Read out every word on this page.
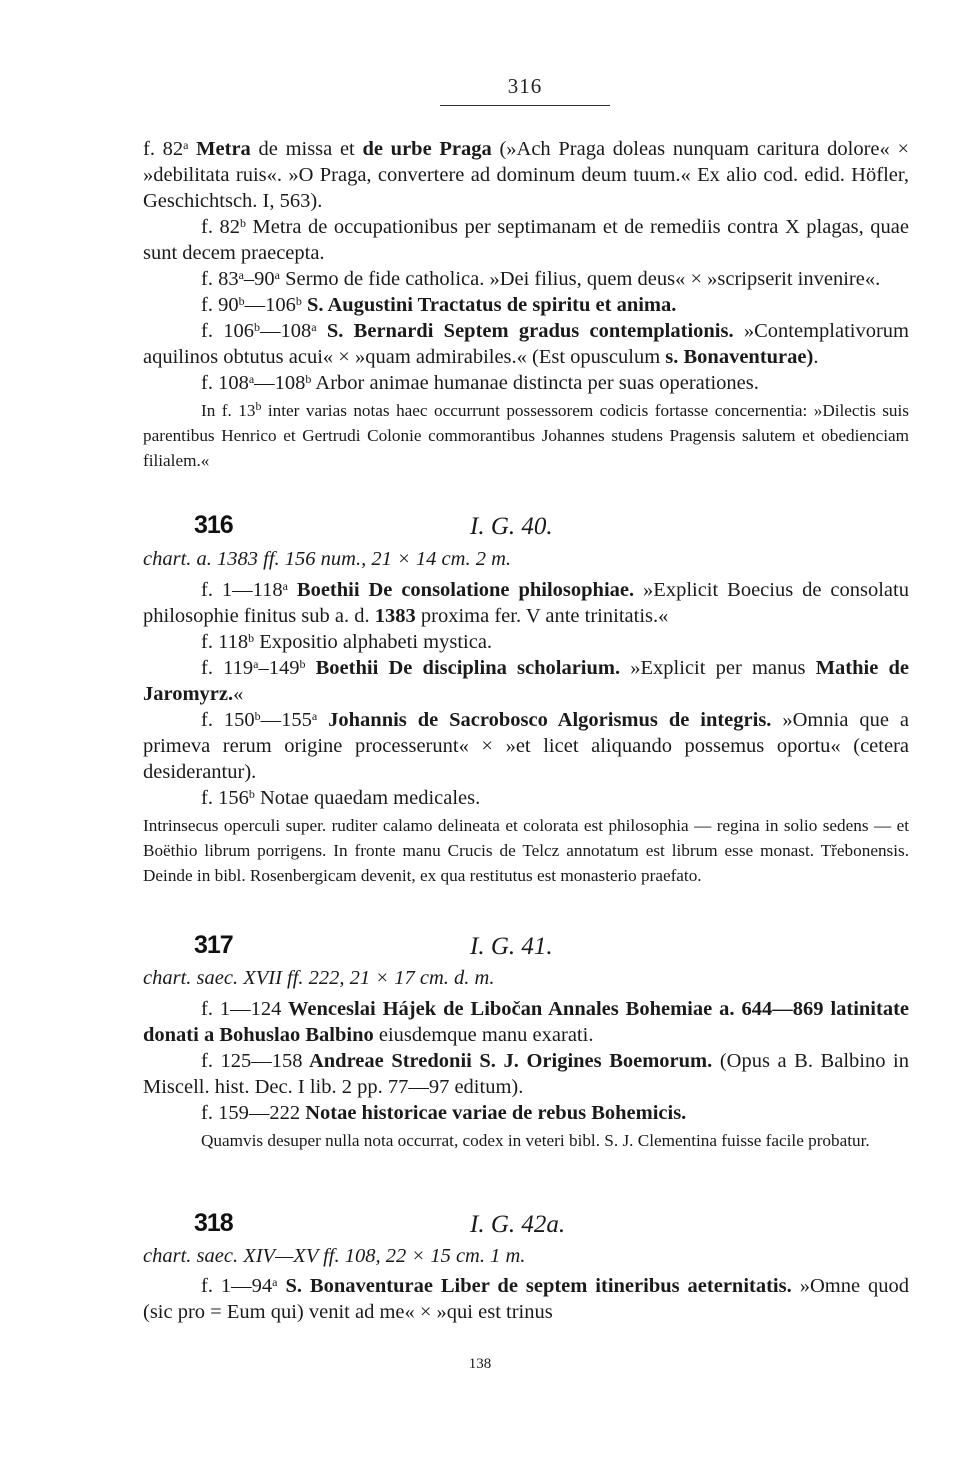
316

f. 82$^a$ Metra de missa et de urbe Praga (»Ach Praga doleas nunquam caritura dolore« × »debilitata ruis«. »O Praga, convertere ad dominum deum tuum.« Ex alio cod. edid. Höfler, Geschichtsch. I, 563).

f. 82$^b$ Metra de occupationibus per septimanam et de remediis contra X plagas, quae sunt decem praecepta.

f. 83$^a$–90$^a$ Sermo de fide catholica. »Dei filius, quem deus« × »scripserit invenire«.

f. 90$^b$—106$^b$ S. Augustini Tractatus de spiritu et anima.

f. 106$^b$—108$^a$ S. Bernardi Septem gradus contemplationis. »Contemplativorum aquilinos obtutus acui« × »quam admirabiles.« (Est opusculum s. Bonaventurae).

f. 108$^a$—108$^b$ Arbor animae humanae distincta per suas operationes.

In f. 13$^b$ inter varias notas haec occurrunt possessorem codicis fortasse concernentia: »Dilectis suis parentibus Henrico et Gertrudi Colonie commorantibus Johannes studens Pragensis salutem et obedienciam filialem.«

316	I. G. 40.
chart. a. 1383 ff. 156 num., 21 × 14 cm. 2 m.

f. 1—118$^a$ Boethii De consolatione philosophiae. »Explicit Boecius de consolatu philosophie finitus sub a. d. 1383 proxima fer. V ante trinitatis.«

f. 118$^b$ Expositio alphabeti mystica.

f. 119$^a$–149$^b$ Boethii De disciplina scholarium. »Explicit per manus Mathie de Jaromyrz.«

f. 150$^b$—155$^a$ Johannis de Sacrobosco Algorismus de integris. »Omnia que a primeva rerum origine processerunt« × »et licet aliquando possemus oportu« (cetera desiderantur).

f. 156$^b$ Notae quaedam medicales.

Intrinsecus operculi super. ruditer calamo delineata et colorata est philosophia — regina in solio sedens — et Boëthio librum porrigens. In fronte manu Crucis de Telcz annotatum est librum esse monast. Třebonensis. Deinde in bibl. Rosenbergicam devenit, ex qua restitutus est monasterio praefato.

317	I. G. 41.
chart. saec. XVII ff. 222, 21 × 17 cm. d. m.

f. 1—124 Wenceslai Hájek de Libočan Annales Bohemiae a. 644—869 latinitate donati a Bohuslao Balbino eiusdemque manu exarati.

f. 125—158 Andreae Stredonii S. J. Origines Boemorum. (Opus a B. Balbino in Miscell. hist. Dec. I lib. 2 pp. 77—97 editum).

f. 159—222 Notae historicae variae de rebus Bohemicis.

Quamvis desuper nulla nota occurrat, codex in veteri bibl. S. J. Clementina fuisse facile probatur.

318	I. G. 42a.
chart. saec. XIV—XV ff. 108, 22 × 15 cm. 1 m.

f. 1—94$^a$ S. Bonaventurae Liber de septem itineribus aeternitatis. »Omne quod (sic pro = Eum qui) venit ad me« × »qui est trinus

138
